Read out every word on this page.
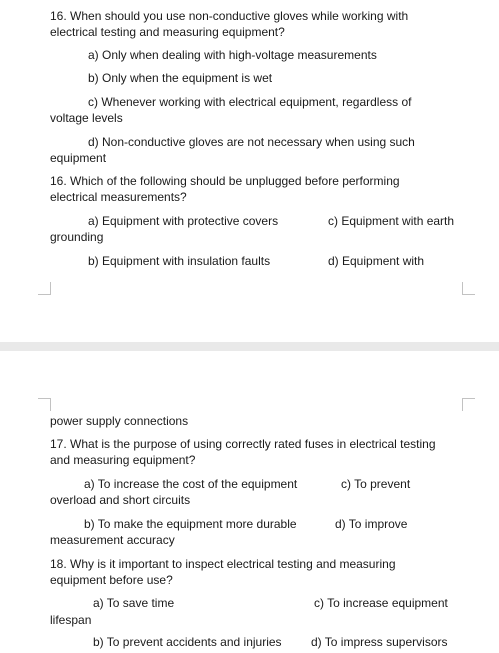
16. When should you use non-conductive gloves while working with
electrical testing and measuring equipment?
a) Only when dealing with high-voltage measurements
b) Only when the equipment is wet
c) Whenever working with electrical equipment, regardless of
voltage levels
d) Non-conductive gloves are not necessary when using such
equipment
16. Which of the following should be unplugged before performing
electrical measurements?
a) Equipment with protective covers	c) Equipment with earth
grounding
b) Equipment with insulation faults	d) Equipment with
power supply connections
17. What is the purpose of using correctly rated fuses in electrical testing
and measuring equipment?
a) To increase the cost of the equipment	c) To prevent
overload and short circuits
b) To make the equipment more durable	d) To improve
measurement accuracy
18. Why is it important to inspect electrical testing and measuring
equipment before use?
a) To save time	c) To increase equipment
lifespan
b) To prevent accidents and injuries d) To impress supervisors
